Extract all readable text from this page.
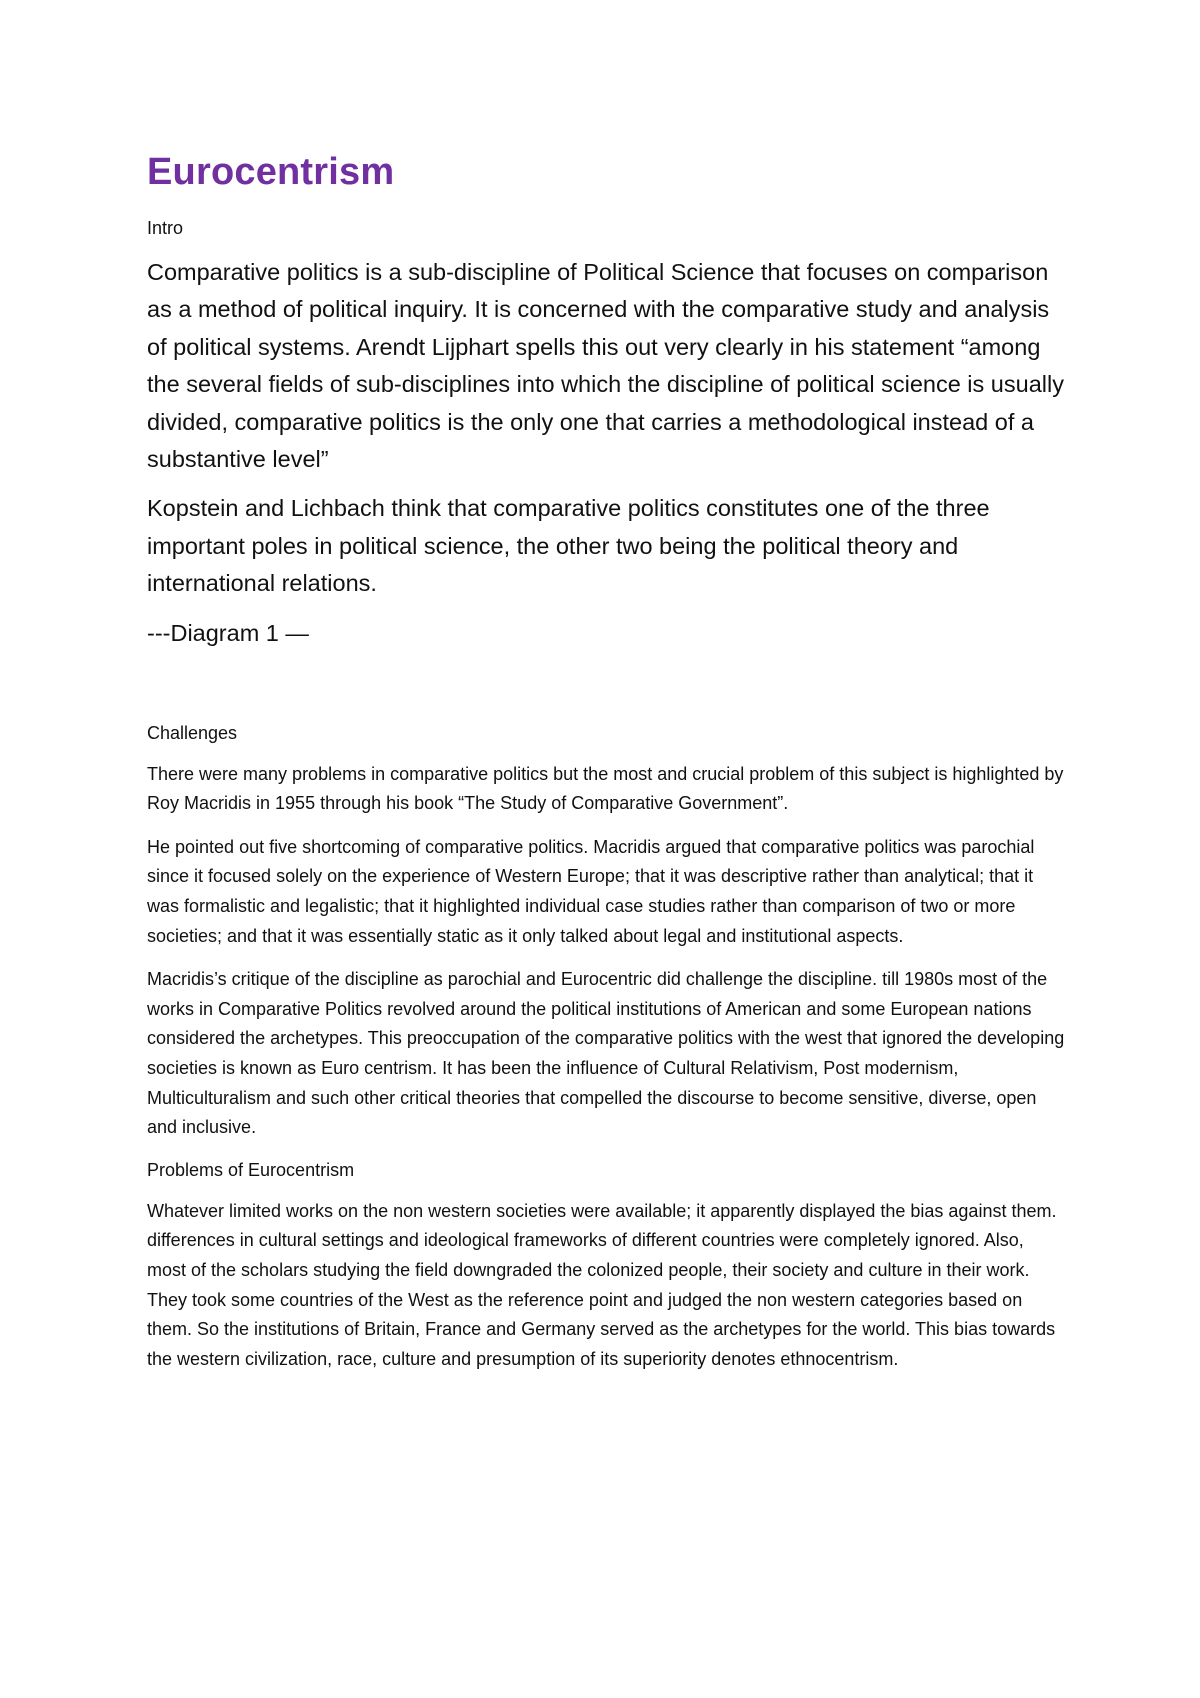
Eurocentrism
Intro

Comparative politics is a sub-discipline of Political Science that focuses on comparison as a method of political inquiry. It is concerned with the comparative study and analysis of political systems. Arendt Lijphart spells this out very clearly in his statement “among the several fields of sub-disciplines into which the discipline of political science is usually divided, comparative politics is the only one that carries a methodological instead of a substantive level”

Kopstein and Lichbach think that comparative politics constitutes one of the three important poles in political science, the other two being the political theory and international relations.

---Diagram 1 —
Challenges

There were many problems in comparative politics but the most and crucial problem of this subject is highlighted by Roy Macridis in 1955 through his book “The Study of Comparative Government”.

He pointed out five shortcoming of comparative politics. Macridis argued that comparative politics was parochial since it focused solely on the experience of Western Europe; that it was descriptive rather than analytical; that it was formalistic and legalistic; that it highlighted individual case studies rather than comparison of two or more societies; and that it was essentially static as it only talked about legal and institutional aspects.

Macridis’s critique of the discipline as parochial and Eurocentric did challenge the discipline. till 1980s most of the works in Comparative Politics revolved around the political institutions of American and some European nations considered the archetypes. This preoccupation of the comparative politics with the west that ignored the developing societies is known as Euro centrism. It has been the influence of Cultural Relativism, Post modernism, Multiculturalism and such other critical theories that compelled the discourse to become sensitive, diverse, open and inclusive.

Problems of Eurocentrism

Whatever limited works on the non western societies were available; it apparently displayed the bias against them. differences in cultural settings and ideological frameworks of different countries were completely ignored. Also, most of the scholars studying the field downgraded the colonized people, their society and culture in their work. They took some countries of the West as the reference point and judged the non western categories based on them. So the institutions of Britain, France and Germany served as the archetypes for the world. This bias towards the western civilization, race, culture and presumption of its superiority denotes ethnocentrism.
